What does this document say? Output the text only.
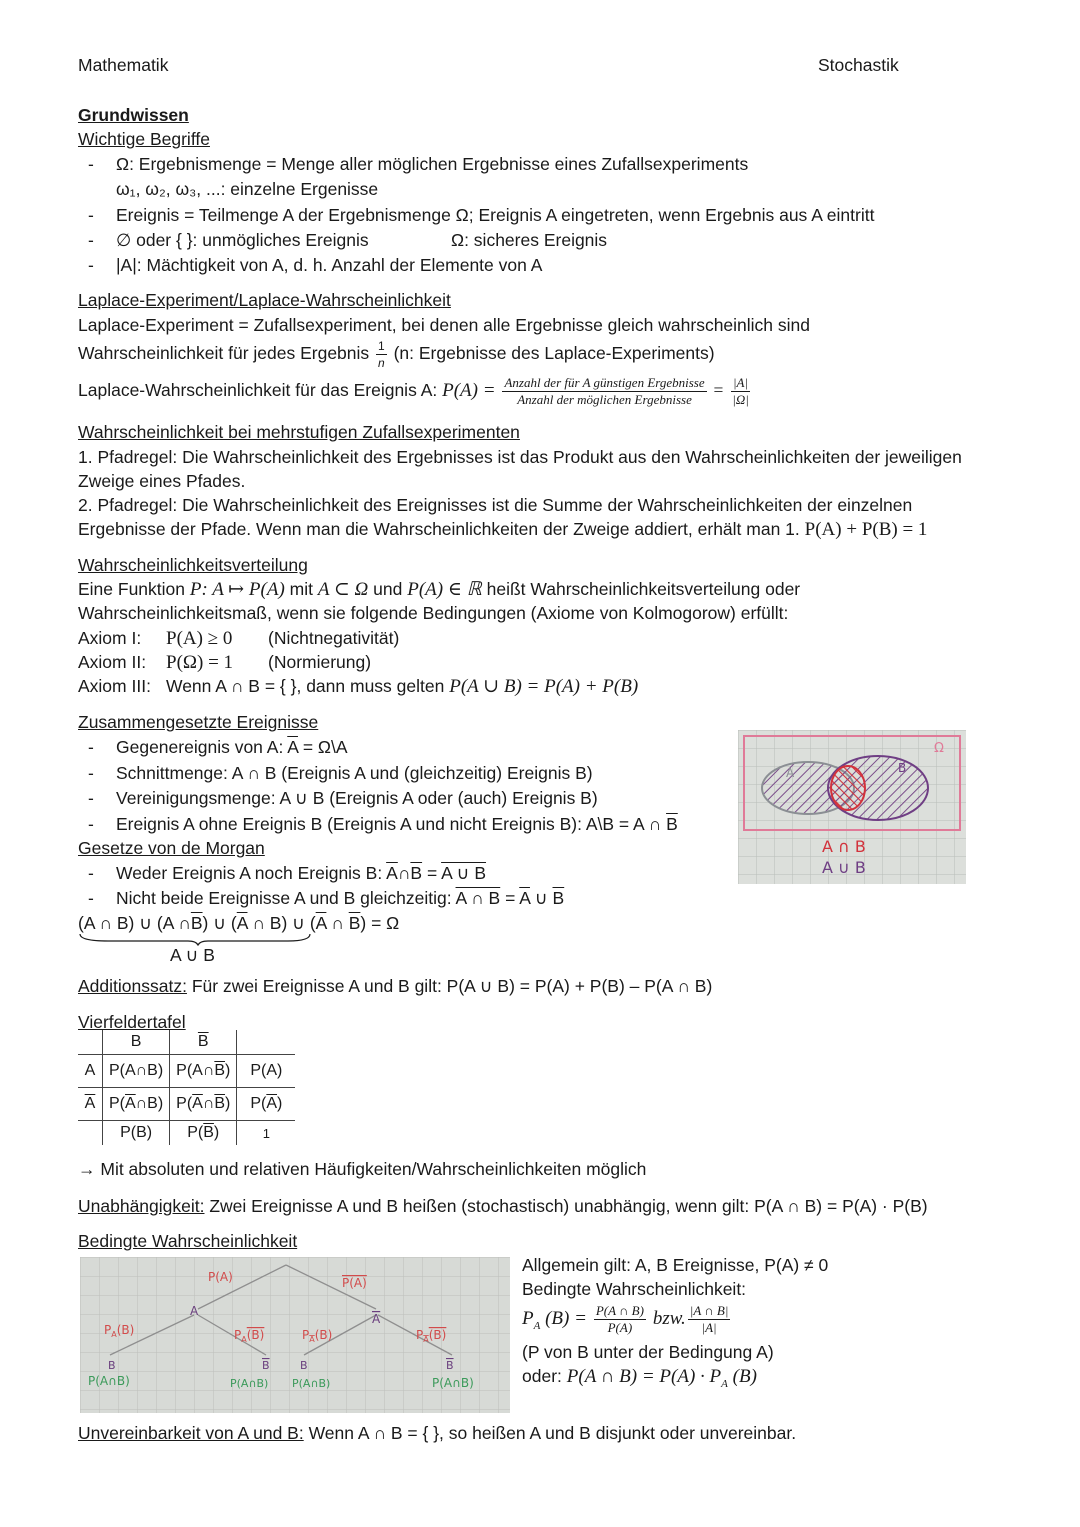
Mathematik	Stochastik
Grundwissen
Wichtige Begriffe
- Ω: Ergebnismenge = Menge aller möglichen Ergebnisse eines Zufallsexperiments
ω₁, ω₂, ω₃, ...: einzelne Ergenisse
- Ereignis = Teilmenge A der Ergebnismenge Ω; Ereignis A eingetreten, wenn Ergebnis aus A eintritt
- ∅ oder { }: unmögliches Ereignis	Ω: sicheres Ereignis
- |A|: Mächtigkeit von A, d. h. Anzahl der Elemente von A
Laplace-Experiment/Laplace-Wahrscheinlichkeit
Laplace-Experiment = Zufallsexperiment, bei denen alle Ergebnisse gleich wahrscheinlich sind
Wahrscheinlichkeit für jedes Ergebnis $\frac{1}{n} (n$: Ergebnisse des Laplace-Experiments)
Laplace-Wahrscheinlichkeit für das Ereignis A: $P(A) = \frac{\text{Anzahl der für A günstigen Ergebnisse}}{\text{Anzahl der möglichen Ergebnisse}} = \frac{|A|}{|\Omega|}$
Wahrscheinlichkeit bei mehrstufigen Zufallsexperimenten
1. Pfadregel: Die Wahrscheinlichkeit des Ergebnisses ist das Produkt aus den Wahrscheinlichkeiten der jeweiligen
Zweige eines Pfades.
2. Pfadregel: Die Wahrscheinlichkeit des Ereignisses ist die Summe der Wahrscheinlichkeiten der einzelnen
Ergebnisse der Pfade. Wenn man die Wahrscheinlichkeiten der Zweige addiert, erhält man 1. P(A) + P(B) = 1
Wahrscheinlichkeitsverteilung
Eine Funktion P: A ↦ P(A) mit A ⊂ Ω und P(A) ∈ ℝ heißt Wahrscheinlichkeitsverteilung oder
Wahrscheinlichkeitsmaß, wenn sie folgende Bedingungen (Axiome von Kolmogorow) erfüllt:
Axiom I: P(A) ≥ 0 (Nichtnegativität)
Axiom II: P(Ω) = 1 (Normierung)
Axiom III: Wenn A ∩ B = { }, dann muss gelten P(A ∪ B) = P(A) + P(B)
Zusammengesetzte Ereignisse
- Gegenereignis von A: $\overline{A}$ = Ω\A
- Schnittmenge: A ∩ B (Ereignis A und (gleichzeitig) Ereignis B)
- Vereinigungsmenge: A ∪ B (Ereignis A oder (auch) Ereignis B)
- Ereignis A ohne Ereignis B (Ereignis A und nicht Ereignis B): A\B = A ∩ $\overline{B}$
A	B
Ω
A ∩ B
A ∪ B
Gesetze von de Morgan
- Weder Ereignis A noch Ereignis B: $\overline{A}\cap\overline{B} = A$ ∪ B
- Nicht beide Ereignisse A und B gleichzeitig: A ∩ $B = \overline{A}$ ∪ $\overline{B}$
(A ∩ B) ∪ (A $\cap\overline{B}$) ∪ ($\overline{A}$ ∩ B) ∪ ($\overline{A}$ ∩ $\overline{B}) = \Omega$
A ∪ B
Additionssatz: Für zwei Ereignisse A und B gilt: P(A ∪ B) = P(A) + P(B) – P(A ∩ B)
Vierfeldertafel
	B	$\overline{B}$	
A	P(A∩B)	$P(A\cap\overline{B})$	P(A)
$\overline{A}$	$P(\overline{A}\cap B)$	$P(\overline{A}\cap\overline{B})$	$P(\overline{A})$
	P(B)	$P(\overline{B})$	1
→ Mit absoluten und relativen Häufigkeiten/Wahrscheinlichkeiten möglich
Unabhängigkeit: Zwei Ereignisse A und B heißen (stochastisch) unabhängig, wenn gilt: P(A ∩ B) = P(A) · P(B)
Bedingte Wahrscheinlichkeit
P(A)	P(A)
A
A
$P_A(B)$	$P_A(B)$	$P_A(B)$	$P_A(B)$
B	B	B	B
P(A∩B)	P(A∩B) P(A∩B)	P(A∩B)
Allgemein gilt: A, B Ereignisse, P(A) ≠ 0
Bedingte Wahrscheinlichkeit:
$P_A$ $(B) = \frac{P(A \cap B)}{P(A)}$ bzw. $\frac{|A \cap B|}{|A|}$
(P von B unter der Bedingung A)
oder: P(A ∩ $B) = P(A) \cdot P_A$ (B)
Unvereinbarkeit von A und B: Wenn A ∩ B = { }, so heißen A und B disjunkt oder unvereinbar.
